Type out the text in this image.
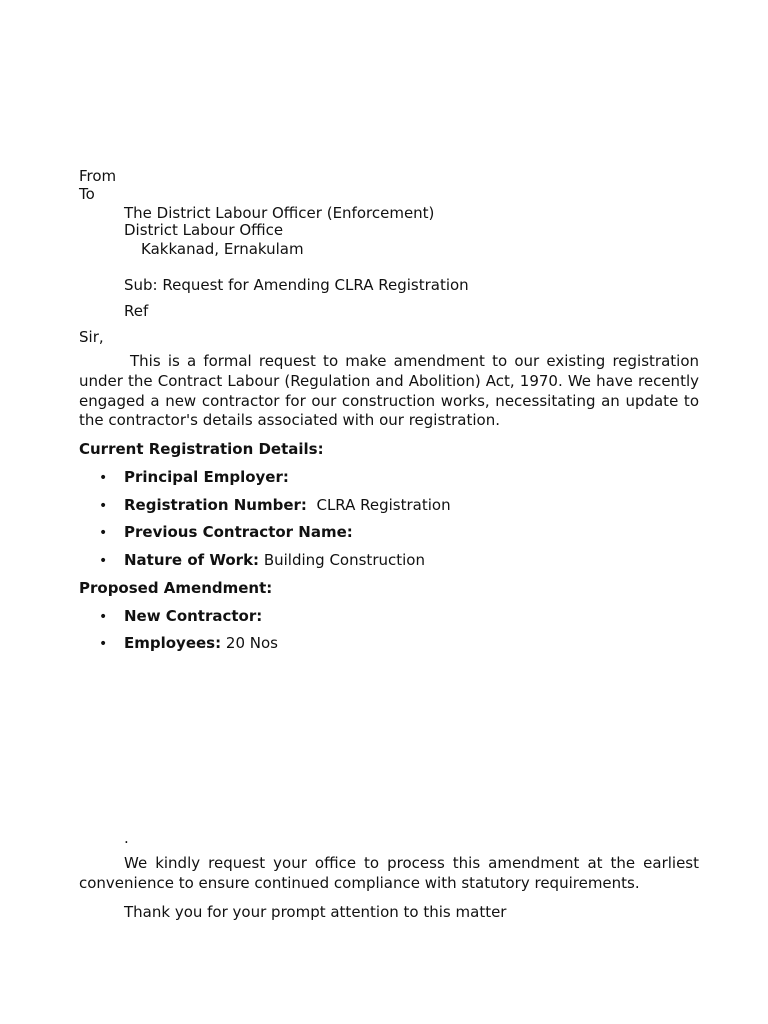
From
To
The District Labour Officer (Enforcement)
District Labour Office
Kakkanad, Ernakulam
Sub: Request for Amending CLRA Registration
Ref
Sir,
This is a formal request to make amendment to our existing registration under the Contract Labour (Regulation and Abolition) Act, 1970. We have recently engaged a new contractor for our construction works, necessitating an update to the contractor's details associated with our registration.
Current Registration Details:
• Principal Employer:
• Registration Number: CLRA Registration
• Previous Contractor Name:
• Nature of Work: Building Construction
Proposed Amendment:
• New Contractor:
• Employees: 20 Nos
.
We kindly request your office to process this amendment at the earliest convenience to ensure continued compliance with statutory requirements.
Thank you for your prompt attention to this matter
